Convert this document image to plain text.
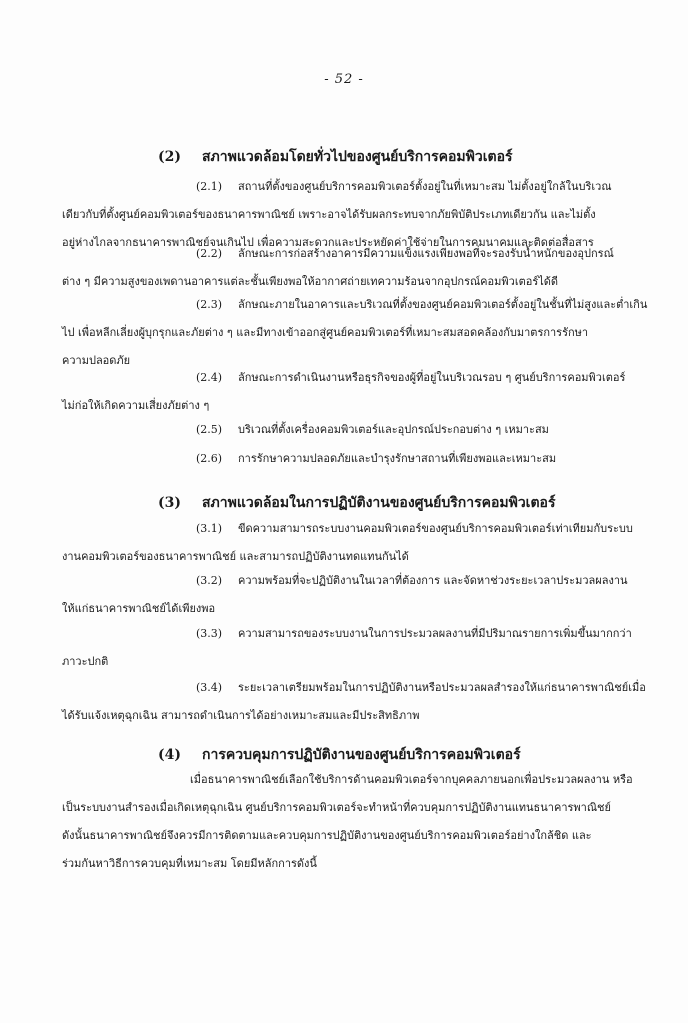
- 52 -
(2) สภาพแวดล้อมโดยทั่วไปของศูนย์บริการคอมพิวเตอร์
(2.1) สถานที่ตั้งของศูนย์บริการคอมพิวเตอร์ตั้งอยู่ในที่เหมาะสม ไม่ตั้งอยู่ใกล้ในบริเวณ
เดียวกับที่ตั้งศูนย์คอมพิวเตอร์ของธนาคารพาณิชย์ เพราะอาจได้รับผลกระทบจากภัยพิบัติประเภทเดียวกัน และไม่ตั้ง
อยู่ห่างไกลจากธนาคารพาณิชย์จนเกินไป เพื่อความสะดวกและประหยัดค่าใช้จ่ายในการคมนาคมและติดต่อสื่อสาร
(2.2) ลักษณะการก่อสร้างอาคารมีความแข็งแรงเพียงพอที่จะรองรับน้ำหนักของอุปกรณ์
ต่าง ๆ มีความสูงของเพดานอาคารแต่ละชั้นเพียงพอให้อากาศถ่ายเทความร้อนจากอุปกรณ์คอมพิวเตอร์ได้ดี
(2.3) ลักษณะภายในอาคารและบริเวณที่ตั้งของศูนย์คอมพิวเตอร์ตั้งอยู่ในชั้นที่ไม่สูงและต่ำเกิน
ไป เพื่อหลีกเลี่ยงผู้บุกรุกและภัยต่าง ๆ และมีทางเข้าออกสู่ศูนย์คอมพิวเตอร์ที่เหมาะสมสอดคล้องกับมาตรการรักษา
ความปลอดภัย
(2.4) ลักษณะการดำเนินงานหรือธุรกิจของผู้ที่อยู่ในบริเวณรอบ ๆ ศูนย์บริการคอมพิวเตอร์
ไม่ก่อให้เกิดความเสี่ยงภัยต่าง ๆ
(2.5) บริเวณที่ตั้งเครื่องคอมพิวเตอร์และอุปกรณ์ประกอบต่าง ๆ เหมาะสม
(2.6) การรักษาความปลอดภัยและบำรุงรักษาสถานที่เพียงพอและเหมาะสม
(3) สภาพแวดล้อมในการปฏิบัติงานของศูนย์บริการคอมพิวเตอร์
(3.1) ขีดความสามารถระบบงานคอมพิวเตอร์ของศูนย์บริการคอมพิวเตอร์เท่าเทียมกับระบบ
งานคอมพิวเตอร์ของธนาคารพาณิชย์ และสามารถปฏิบัติงานทดแทนกันได้
(3.2) ความพร้อมที่จะปฏิบัติงานในเวลาที่ต้องการ และจัดหาช่วงระยะเวลาประมวลผลงาน
ให้แก่ธนาคารพาณิชย์ได้เพียงพอ
(3.3) ความสามารถของระบบงานในการประมวลผลงานที่มีปริมาณรายการเพิ่มขึ้นมากกว่า
ภาวะปกติ
(3.4) ระยะเวลาเตรียมพร้อมในการปฏิบัติงานหรือประมวลผลสำรองให้แก่ธนาคารพาณิชย์เมื่อ
ได้รับแจ้งเหตุฉุกเฉิน สามารถดำเนินการได้อย่างเหมาะสมและมีประสิทธิภาพ
(4) การควบคุมการปฏิบัติงานของศูนย์บริการคอมพิวเตอร์
เมื่อธนาคารพาณิชย์เลือกใช้บริการด้านคอมพิวเตอร์จากบุคคลภายนอกเพื่อประมวลผลงาน หรือ
เป็นระบบงานสำรองเมื่อเกิดเหตุฉุกเฉิน ศูนย์บริการคอมพิวเตอร์จะทำหน้าที่ควบคุมการปฏิบัติงานแทนธนาคารพาณิชย์
ดังนั้นธนาคารพาณิชย์จึงควรมีการติดตามและควบคุมการปฏิบัติงานของศูนย์บริการคอมพิวเตอร์อย่างใกล้ชิด และ
ร่วมกันหาวิธีการควบคุมที่เหมาะสม โดยมีหลักการดังนี้
